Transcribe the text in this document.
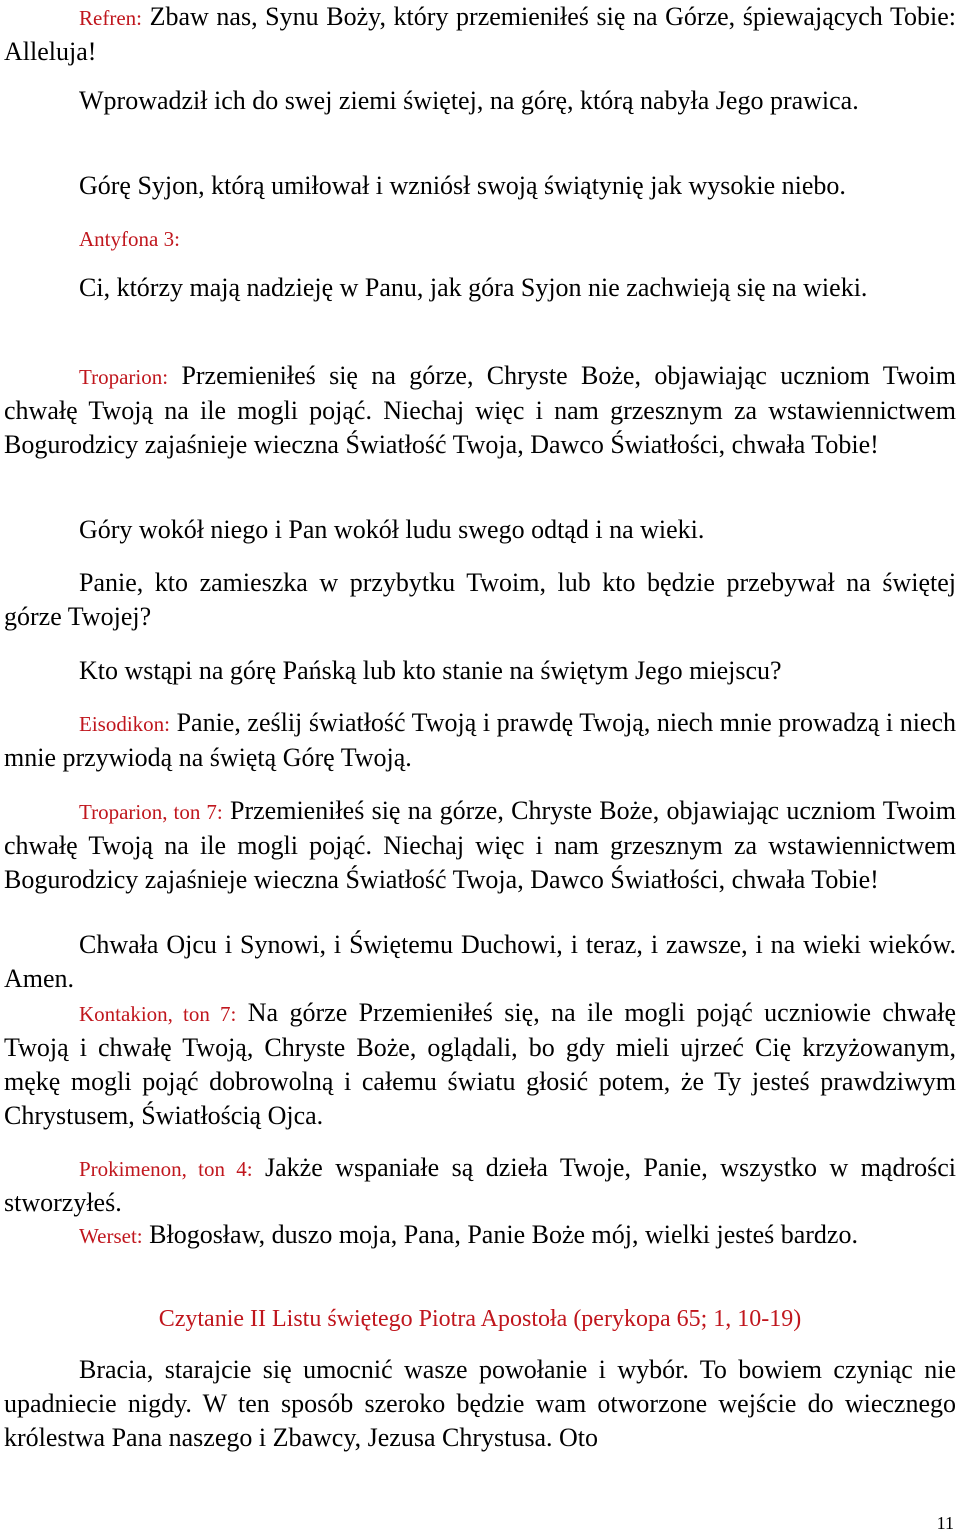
Refren: Zbaw nas, Synu Boży, który przemieniłeś się na Górze, śpiewających Tobie: Alleluja!

Wprowadził ich do swej ziemi świętej, na górę, którą nabyła Jego prawica.

Górę Syjon, którą umiłował i wzniósł swoją świątynię jak wysokie niebo.

Antyfona 3:

Ci, którzy mają nadzieję w Panu, jak góra Syjon nie zachwieją się na wieki.

Troparion: Przemieniłeś się na górze, Chryste Boże, objawiając uczniom Twoim chwałę Twoją na ile mogli pojąć. Niechaj więc i nam grzesznym za wstawiennictwem Bogurodzicy zajaśnieje wieczna Światłość Twoja, Dawco Światłości, chwała Tobie!

Góry wokół niego i Pan wokół ludu swego odtąd i na wieki.

Panie, kto zamieszka w przybytku Twoim, lub kto będzie przebywał na świętej górze Twojej?

Kto wstąpi na górę Pańską lub kto stanie na świętym Jego miejscu?

Eisodikon: Panie, ześlij światłość Twoją i prawdę Twoją, niech mnie prowadzą i niech mnie przywiodą na świętą Górę Twoją.

Troparion, ton 7: Przemieniłeś się na górze, Chryste Boże, objawiając uczniom Twoim chwałę Twoją na ile mogli pojąć. Niechaj więc i nam grzesznym za wstawiennictwem Bogurodzicy zajaśnieje wieczna Światłość Twoja, Dawco Światłości, chwała Tobie!

Chwała Ojcu i Synowi, i Świętemu Duchowi, i teraz, i zawsze, i na wieki wieków. Amen.

Kontakion, ton 7: Na górze Przemieniłeś się, na ile mogli pojąć uczniowie chwałę Twoją i chwałę Twoją, Chryste Boże, oglądali, bo gdy mieli ujrzeć Cię krzyżowanym, mękę mogli pojąć dobrowolną i całemu światu głosić potem, że Ty jesteś prawdziwym Chrystusem, Światłością Ojca.

Prokimenon, ton 4: Jakże wspaniałe są dzieła Twoje, Panie, wszystko w mądrości stworzyłeś.

Werset: Błogosław, duszo moja, Pana, Panie Boże mój, wielki jesteś bardzo.

Czytanie II Listu świętego Piotra Apostoła (perykopa 65; 1, 10-19)

Bracia, starajcie się umocnić wasze powołanie i wybór. To bowiem czyniąc nie upadniecie nigdy. W ten sposób szeroko będzie wam otworzone wejście do wiecznego królestwa Pana naszego i Zbawcy, Jezusa Chrystusa. Oto

11
